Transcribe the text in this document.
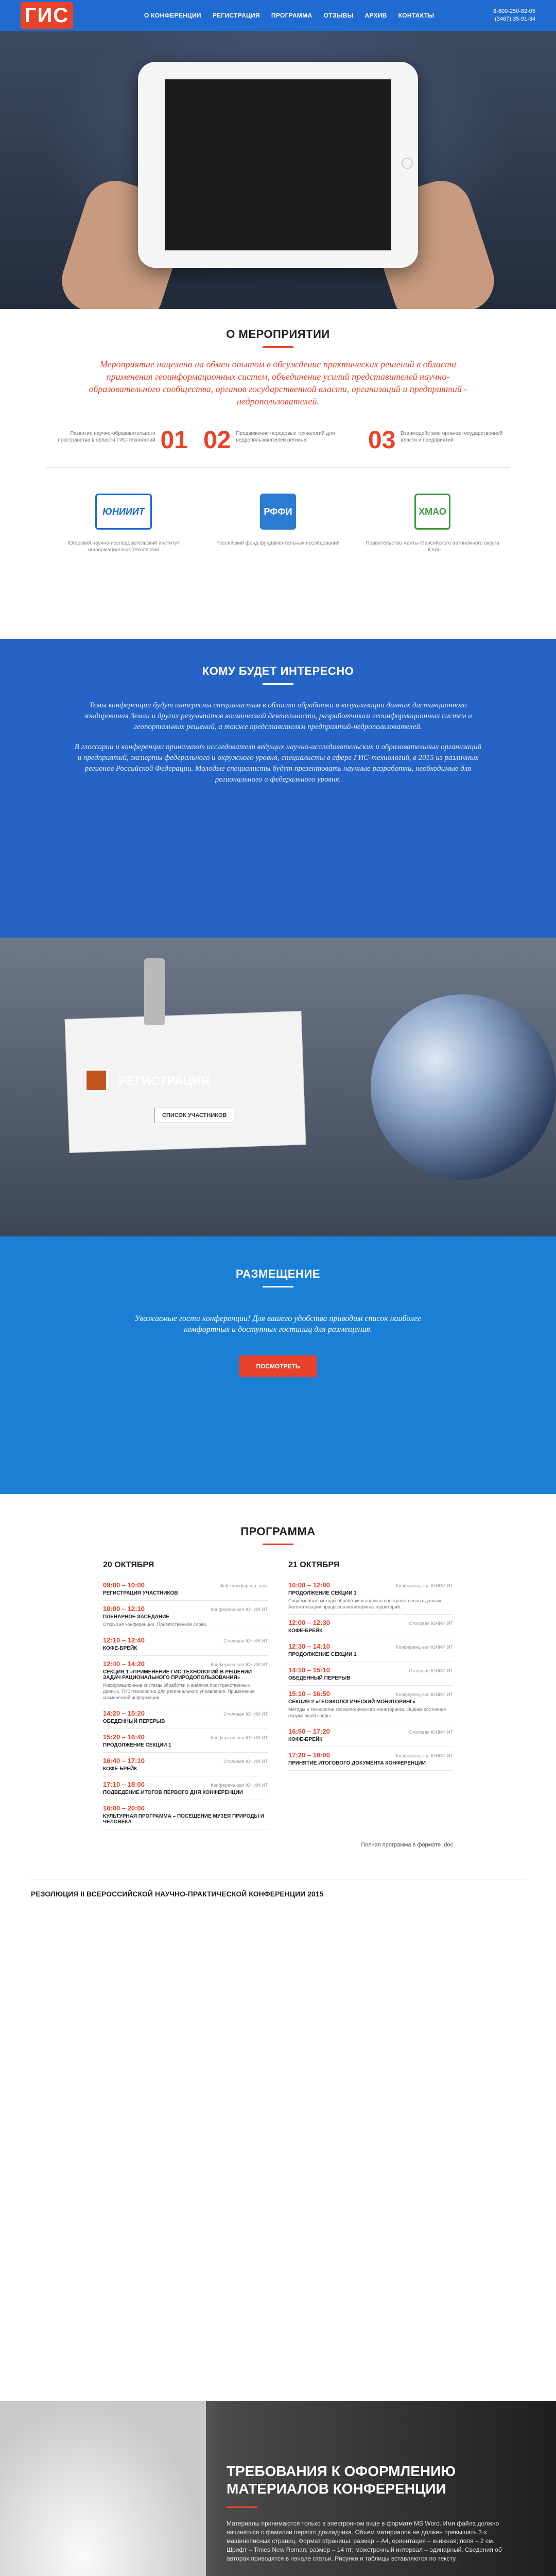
ГИС	О КОНФЕРЕНЦИИ РЕГИСТРАЦИЯ ПРОГРАММА ОТЗЫВЫ АРХИВ КОНТАКТЫ
8-800-250-82-05
(3467) 35-91-34
О МЕРОПРИЯТИИ
Мероприятие нацелено на обмен опытом в обсуждение практических решений в области применения геоинформационных систем, объединение усилий представителей научно-образовательного сообщества, органов государственной власти, организаций и предприятий - недропользователей.
Развитие научно-образовательного пространства в области ГИС-технологий 01 02 Продвижение передовых технологий для недропользователей региона	03 Взаимодействие органов государственной власти и предприятий
ЮНИИИТ
Югорский научно-исследовательский институт информационных технологий
РФФИ
Российский фонд фундаментальных исследований
ХМАО
Правительство Ханты-Мансийского автономного округа – Югры
КОМУ БУДЕТ ИНТЕРЕСНО

Темы конференции будут интересны специалистам в области обработки и визуализации данных дистанционного зондирования Земли и других результатов космической деятельности, разработчикам геоинформационных систем и геопортальных решений, а также представителям предприятий-недропользователей.

В глоссарии и конференции принимают исследователи ведущих научно-исследовательских и образовательных организаций и предприятий, эксперты федерального и окружного уровня, специалисты в сфере ГИС-технологий, в 2015 из различных регионов Российской Федерации. Молодые специалисты будут презентовать научные разработки, необходимые для регионального и федерального уровня.

РЕГИСТРАЦИЯ
СПИСОК УЧАСТНИКОВ
РАЗМЕЩЕНИЕ
Уважаемые гости конференции! Для вашего удобства приводим список наиболее комфортных и доступных гостиниц для размещения.
ПОСМОТРЕТЬ
ПРОГРАММА
20 ОКТЯБРЯ
09:00 – 10:00	Фойе конференц-зала
РЕГИСТРАЦИЯ УЧАСТНИКОВ
10:00 – 12:10	Конференц-зал ЮНИИ ИТ
ПЛЕНАРНОЕ ЗАСЕДАНИЕ
Открытие конференции. Приветственное слово.
12:10 – 12:40	Столовая ЮНИИ ИТ
КОФЕ-БРЕЙК
12:40 – 14:20	Конференц-зал ЮНИИ ИТ
СЕКЦИЯ 1 «ПРИМЕНЕНИЕ ГИС-ТЕХНОЛОГИЙ В РЕШЕНИИ ЗАДАЧ РАЦИОНАЛЬНОГО ПРИРОДОПОЛЬЗОВАНИЯ»
Информационные системы обработки и анализа пространственных данных. ГИС-технологии для регионального управления. Применение космической информации.
14:20 – 15:20	Столовая ЮНИИ ИТ
ОБЕДЕННЫЙ ПЕРЕРЫВ
15:20 – 16:40	Конференц-зал ЮНИИ ИТ
ПРОДОЛЖЕНИЕ СЕКЦИИ 1
16:40 – 17:10	Столовая ЮНИИ ИТ
КОФЕ-БРЕЙК
17:10 – 18:00	Конференц-зал ЮНИИ ИТ
ПОДВЕДЕНИЕ ИТОГОВ ПЕРВОГО ДНЯ КОНФЕРЕНЦИИ
18:00 – 20:00
КУЛЬТУРНАЯ ПРОГРАММА – ПОСЕЩЕНИЕ МУЗЕЯ ПРИРОДЫ И ЧЕЛОВЕКА
21 ОКТЯБРЯ
10:00 – 12:00	Конференц-зал ЮНИИ ИТ
ПРОДОЛЖЕНИЕ СЕКЦИИ 1
Современные методы обработки и анализа пространственных данных. Автоматизация процессов мониторинга территорий.
12:00 – 12:30	Столовая ЮНИИ ИТ
КОФЕ-БРЕЙК
12:30 – 14:10	Конференц-зал ЮНИИ ИТ
ПРОДОЛЖЕНИЕ СЕКЦИИ 1
14:10 – 15:10	Столовая ЮНИИ ИТ
ОБЕДЕННЫЙ ПЕРЕРЫВ
15:10 – 16:50	Конференц-зал ЮНИИ ИТ
СЕКЦИЯ 2 «ГЕОЭКОЛОГИЧЕСКИЙ МОНИТОРИНГ»
Методы и технологии геоэкологического мониторинга. Оценка состояния окружающей среды.
16:50 – 17:20	Столовая ЮНИИ ИТ
КОФЕ-БРЕЙК
17:20 – 18:00	Конференц-зал ЮНИИ ИТ
ПРИНЯТИЕ ИТОГОВОГО ДОКУМЕНТА КОНФЕРЕНЦИИ
Полная программа в формате .doc
РЕЗОЛЮЦИЯ II ВСЕРОССИЙСКОЙ НАУЧНО-ПРАКТИЧЕСКОЙ КОНФЕРЕНЦИИ 2015
ТРЕБОВАНИЯ К ОФОРМЛЕНИЮ
МАТЕРИАЛОВ КОНФЕРЕНЦИИ
Материалы принимаются только в электронном виде в формате MS Word. Имя файла должно начинаться с фамилии первого докладчика. Объем материалов не должен превышать 3-х машинописных страниц. Формат страницы: размер – А4, ориентация – книжная; поля – 2 см. Шрифт – Times New Roman; размер – 14 пт; межстрочный интервал – одинарный. Сведения об авторах приводятся в начале статьи. Рисунки и таблицы вставляются по тексту.
